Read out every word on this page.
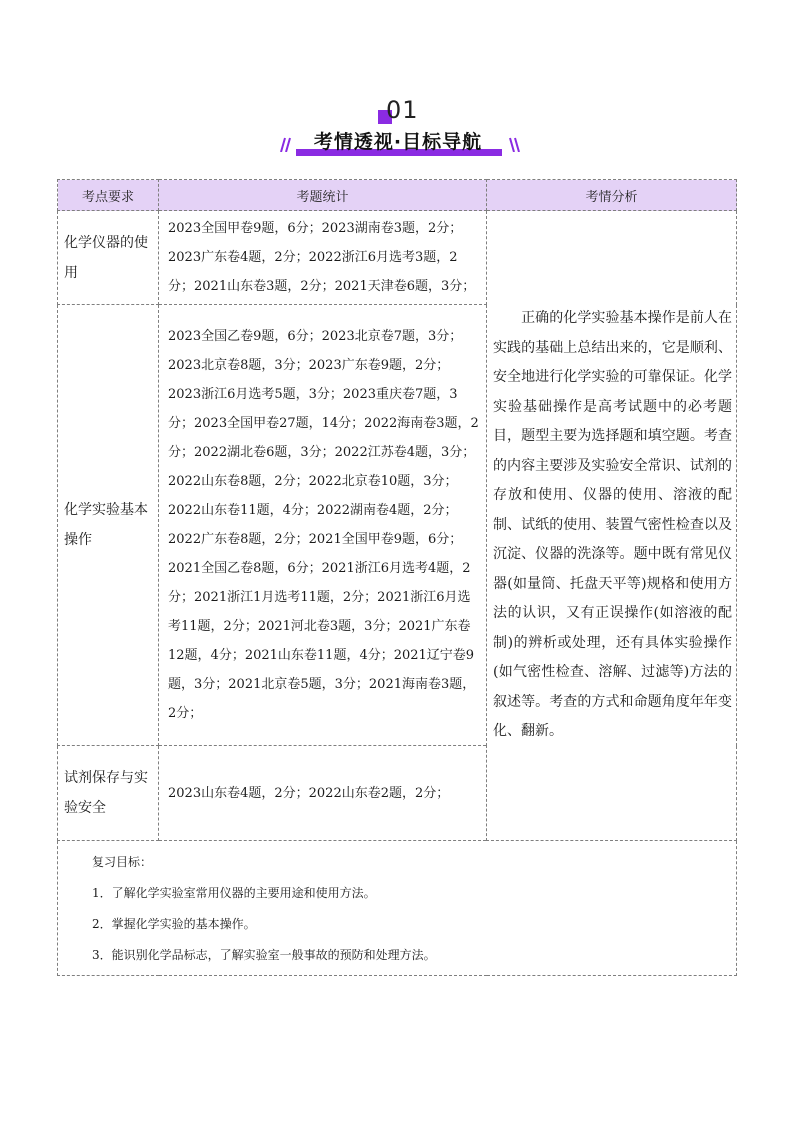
01
考情透视·目标导航
考点要求	考题统计	考情分析
化学仪器的使用	2023全国甲卷9题，6分；2023湖南卷3题，2分；2023广东卷4题，2分；2022浙江6月选考3题，2分；2021山东卷3题，2分；2021天津卷6题，3分；	正确的化学实验基本操作是前人在实践的基础上总结出来的，它是顺利、安全地进行化学实验的可靠保证。化学实验基础操作是高考试题中的必考题目，题型主要为选择题和填空题。考查的内容主要涉及实验安全常识、试剂的存放和使用、仪器的使用、溶液的配制、试纸的使用、装置气密性检查以及沉淀、仪器的洗涤等。题中既有常见仪器(如量筒、托盘天平等)规格和使用方法的认识，又有正误操作(如溶液的配制)的辨析或处理，还有具体实验操作(如气密性检查、溶解、过滤等)方法的叙述等。考查的方式和命题角度年年变化、翻新。
化学实验基本操作	2023全国乙卷9题，6分；2023北京卷7题，3分；2023北京卷8题，3分；2023广东卷9题，2分；2023浙江6月选考5题，3分；2023重庆卷7题，3分；2023全国甲卷27题，14分；2022海南卷3题，2分；2022湖北卷6题，3分；2022江苏卷4题，3分；2022山东卷8题，2分；2022北京卷10题，3分；2022山东卷11题，4分；2022湖南卷4题，2分；2022广东卷8题，2分；2021全国甲卷9题，6分；2021全国乙卷8题，6分；2021浙江6月选考4题，2分；2021浙江1月选考11题，2分；2021浙江6月选考11题，2分；2021河北卷3题，3分；2021广东卷12题，4分；2021山东卷11题，4分；2021辽宁卷9题，3分；2021北京卷5题，3分；2021海南卷3题，2分；	
试剂保存与实验安全	2023山东卷4题，2分；2022山东卷2题，2分；	

复习目标：
1．了解化学实验室常用仪器的主要用途和使用方法。
2．掌握化学实验的基本操作。
3．能识别化学品标志，了解实验室一般事故的预防和处理方法。		
